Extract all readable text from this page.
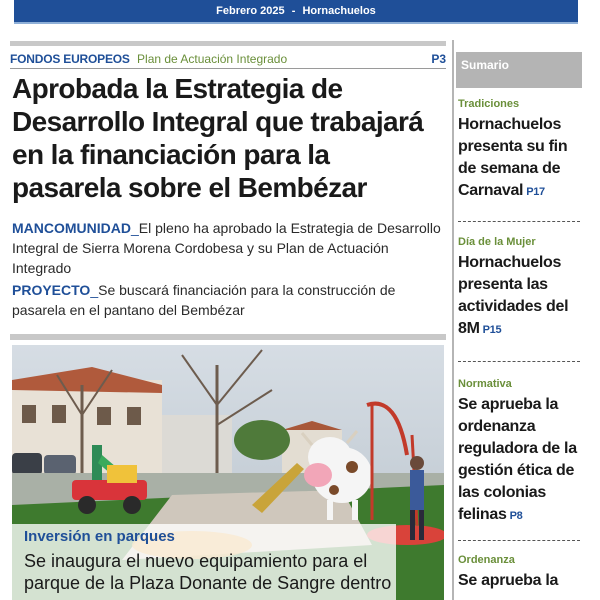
Febrero 2025 - Hornachuelos
FONDOS EUROPEOS Plan de Actuación Integrado	P3
Aprobada la Estrategia de Desarrollo Integral que trabajará en la financiación para la pasarela sobre el Bembézar
MANCOMUNIDAD_El pleno ha aprobado la Estrategia de Desarrollo Integral de Sierra Morena Cordobesa y su Plan de Actuación Integrado
PROYECTO_Se buscará financiación para la construcción de pasarela en el pantano del Bembézar
Inversión en parques
Se inaugura el nuevo equipamiento para el parque de la Plaza Donante de Sangre dentro
Sumario
Tradiciones
Hornachuelos presenta su fin de semana de Carnaval P17
Día de la Mujer
Hornachuelos presenta las actividades del 8M P15
Normativa
Se aprueba la ordenanza reguladora de la gestión ética de las colonias felinas P8
Ordenanza
Se aprueba la
